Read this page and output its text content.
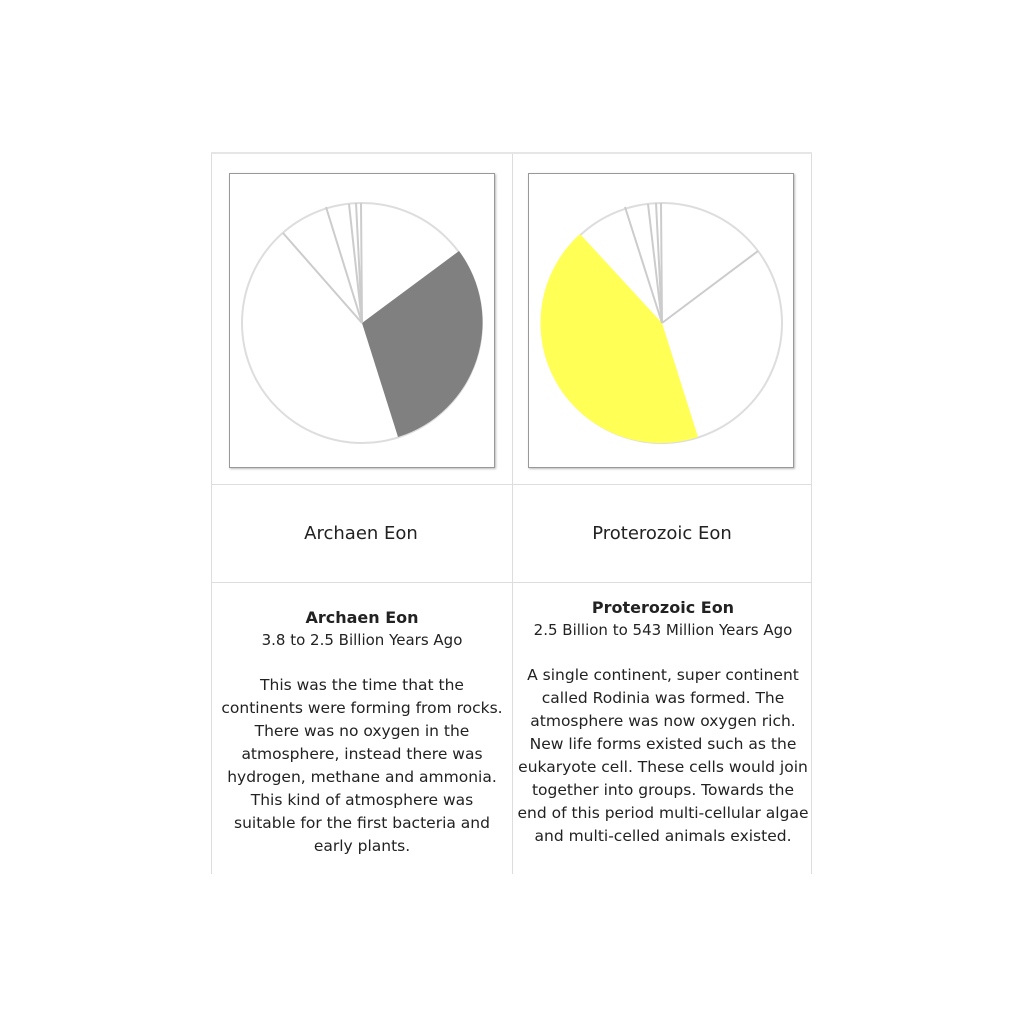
Archaen Eon	Proterozoic Eon
Archaen Eon
3.8 to 2.5 Billion Years Ago

This was the time that the continents were forming from rocks. There was no oxygen in the atmosphere, instead there was hydrogen, methane and ammonia. This kind of atmosphere was suitable for the first bacteria and early plants.

Proterozoic Eon
2.5 Billion to 543 Million Years Ago

A single continent, super continent called Rodinia was formed. The atmosphere was now oxygen rich. New life forms existed such as the eukaryote cell. These cells would join together into groups. Towards the end of this period multi-cellular algae and multi-celled animals existed.
